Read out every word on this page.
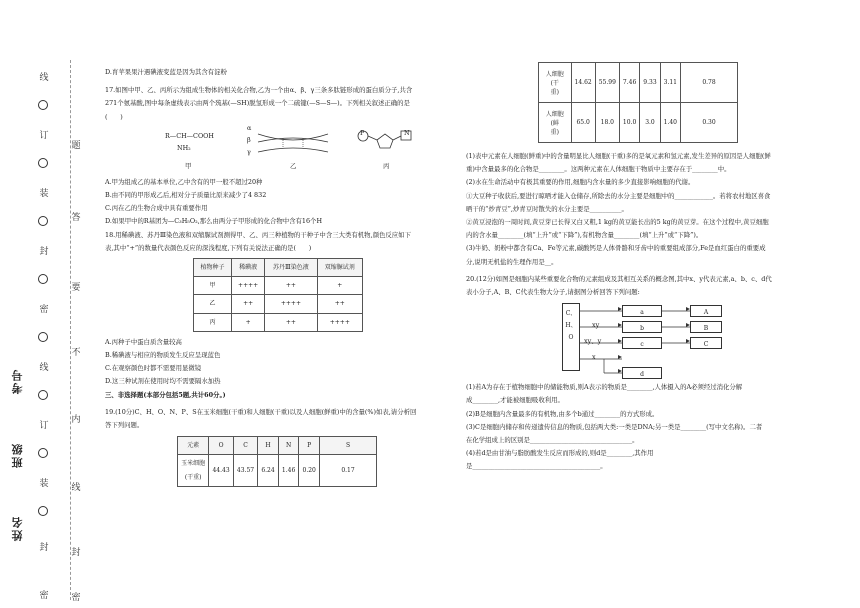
线
订
装
封
密
线
订
装
封
密
题
答
要
不
内
线
封
密
考号
班级
姓名

D.育苹果果汁遇碘液变蓝是因为其含有淀粉

17.如图中甲、乙、丙所示为组成生物体的相关化合物,乙为一个由α、β、γ三条多肽链形成的蛋白质分子,共含

271个氨基酸,图中每条虚线表示由两个巯基(—SH)脱氢形成一个二硫键(—S—S—)。下列相关叙述正确的是

(　　)

R—CH—COOH
NH₂
α
β
γ
P	N
甲	乙	丙

A.甲为组成乙的基本单位,乙中含有的甲一般不超过20种

B.由不同的甲形成乙后,相对分子质量比原来减少了4 832

C.丙在乙的生物合成中具有重要作用

D.如果甲中的R基团为—C₃H₅O₂,那么由两分子甲形成的化合物中含有16个H

18.用稀碘液、苏丹Ⅲ染色液和双缩脲试剂测得甲、乙、丙三种植物的干种子中含三大类有机物,颜色反应如下

表,其中“+”的数量代表颜色反应的深浅程度,下列有关说法正确的是(　　)

植物种子	稀碘液	苏丹Ⅲ染色液	双缩脲试剂
甲	++++	++	+
乙	++	++++	++
丙	+	++	++++

A.丙种子中蛋白质含量较高

B.稀碘液与相应的物质发生反应呈现蓝色

C.在观察颜色时都不需要用显微镜

D.这三种试剂在使用时均不需要隔水加热

三、非选择题(本部分包括5题,共计60分。)

19.(10分)C、H、O、N、P、S在玉米细胞(干重)和人细胞(干重)以及人细胞(鲜重)中的含量(%)如表,请分析回

答下列问题。

元素	O	C	H	N	P	S
玉米细胞
(干重)	44.43	43.57	6.24	1.46	0.20	0.17
人细胞(干
重)	14.62	55.99	7.46	9.33	3.11	0.78
人细胞(鲜
重)	65.0	18.0	10.0	3.0	1.40	0.30

(1)表中元素在人细胞(鲜重)中的含量明显比人细胞(干重)多的是氧元素和氢元素,发生差异的原因是人细胞(鲜

重)中含量最多的化合物是________。这两种元素在人体细胞干物质中主要存在于________中。

(2)水在生命活动中有极其重要的作用,细胞内含水量的多少直接影响细胞的代谢。

①大豆种子收获后,要进行晾晒才能入仓储存,所除去的水分主要是细胞中的____________。若将农村地区喜食

晒干的“炒青豆”,炒青豆时散失的水分主要是__________。

②黄豆浸泡的一周时间,黄豆芽已长得又白又粗,1 kg的黄豆能长出的5 kg的黄豆芽。在这个过程中,黄豆细胞

内的含水量________(填“上升”或“下降”),有机物含量________(填“上升”或“下降”)。

(3)牛奶、奶粉中都含有Ca、Fe等元素,碳酸钙是人体骨骼和牙齿中的重要组成部分,Fe是血红蛋白的重要成

分,说明无机盐的生理作用是__。

20.(12分)如图是细胞内某些重要化合物的元素组成及其相互关系的概念图,其中x、y代表元素,a、b、c、d代

表小分子,A、B、C代表生物大分子,请据图分析回答下列问题:

C、
H、
O
xy
xy、y
x
a
b
c
d
A
B
C

(1)若A为存在于植物细胞中的储能物质,则A表示的物质是________,人体摄入的A必须经过消化分解

成________,才能被细胞吸收利用。

(2)B是细胞内含量最多的有机物,由多个b通过________的方式形成。

(3)C是细胞内储存和传递遗传信息的物质,包括两大类:一类是DNA;另一类是________(写中文名称)。二者

在化学组成上的区别是________________________________。

(4)若d是由甘油与脂肪酸发生反应而形成的,则d是________,其作用

是________________________________________。
